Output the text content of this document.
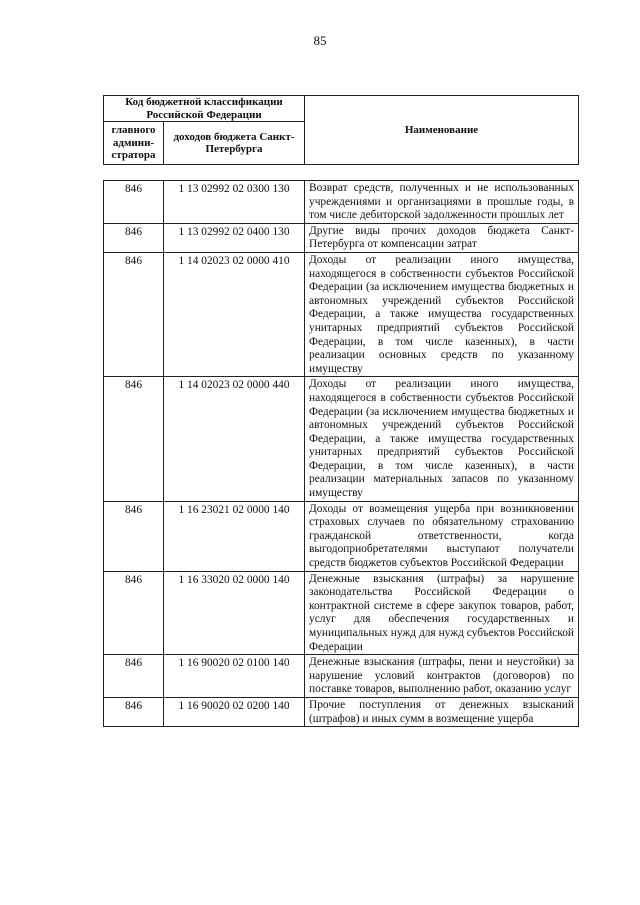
85
Код бюджетной классификации Российской Федерации		Наименование
главного админи-стратора	доходов бюджета Санкт-Петербурга	
846	1 13 02992 02 0300 130	Возврат средств, полученных и не использованных учреждениями и организациями в прошлые годы, в том числе дебиторской задолженности прошлых лет
846	1 13 02992 02 0400 130	Другие виды прочих доходов бюджета Санкт-Петербурга от компенсации затрат
846	1 14 02023 02 0000 410	Доходы от реализации иного имущества, находящегося в собственности субъектов Российской Федерации (за исключением имущества бюджетных и автономных учреждений субъектов Российской Федерации, а также имущества государственных унитарных предприятий субъектов Российской Федерации, в том числе казенных), в части реализации основных средств по указанному имуществу
846	1 14 02023 02 0000 440	Доходы от реализации иного имущества, находящегося в собственности субъектов Российской Федерации (за исключением имущества бюджетных и автономных учреждений субъектов Российской Федерации, а также имущества государственных унитарных предприятий субъектов Российской Федерации, в том числе казенных), в части реализации материальных запасов по указанному имуществу
846	1 16 23021 02 0000 140	Доходы от возмещения ущерба при возникновении страховых случаев по обязательному страхованию гражданской ответственности, когда выгодоприобретателями выступают получатели средств бюджетов субъектов Российской Федерации
846	1 16 33020 02 0000 140	Денежные взыскания (штрафы) за нарушение законодательства Российской Федерации о контрактной системе в сфере закупок товаров, работ, услуг для обеспечения государственных и муниципальных нужд для нужд субъектов Российской Федерации
846	1 16 90020 02 0100 140	Денежные взыскания (штрафы, пени и неустойки) за нарушение условий контрактов (договоров) по поставке товаров, выполнению работ, оказанию услуг
846	1 16 90020 02 0200 140	Прочие поступления от денежных взысканий (штрафов) и иных сумм в возмещение ущерба
